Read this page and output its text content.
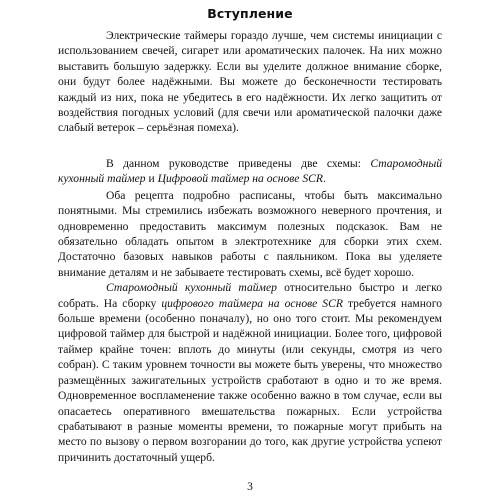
Вступление

Электрические таймеры гораздо лучше, чем системы инициации с использованием свечей, сигарет или ароматических палочек. На них можно выставить большую задержку. Если вы уделите должное внимание сборке, они будут более надёжными. Вы можете до бесконечности тестировать каждый из них, пока не убедитесь в его надёжности. Их легко защитить от воздействия погодных условий (для свечи или ароматической палочки даже слабый ветерок – серьёзная помеха).

В данном руководстве приведены две схемы: Старомодный кухонный таймер и Цифровой таймер на основе SCR.

Оба рецепта подробно расписаны, чтобы быть максимально понятными. Мы стремились избежать возможного неверного прочтения, и одновременно предоставить максимум полезных подсказок. Вам не обязательно обладать опытом в электротехнике для сборки этих схем. Достаточно базовых навыков работы с паяльником. Пока вы уделяете внимание деталям и не забываете тестировать схемы, всё будет хорошо.

Старомодный кухонный таймер относительно быстро и легко собрать. На сборку цифрового таймера на основе SCR требуется намного больше времени (особенно поначалу), но оно того стоит. Мы рекомендуем цифровой таймер для быстрой и надёжной инициации. Более того, цифровой таймер крайне точен: вплоть до минуты (или секунды, смотря из чего собран). С таким уровнем точности вы можете быть уверены, что множество размещённых зажигательных устройств сработают в одно и то же время. Одновременное воспламенение также особенно важно в том случае, если вы опасаетесь оперативного вмешательства пожарных. Если устройства срабатывают в разные моменты времени, то пожарные могут прибыть на место по вызову о первом возгорании до того, как другие устройства успеют причинить достаточный ущерб.

3
